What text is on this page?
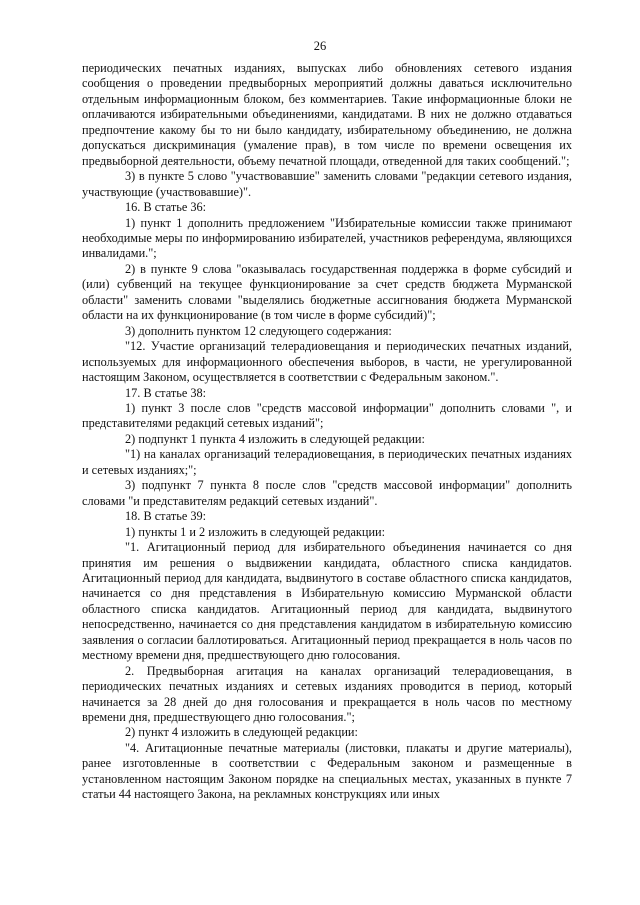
26

периодических печатных изданиях, выпусках либо обновлениях сетевого издания сообщения о проведении предвыборных мероприятий должны даваться исключительно отдельным информационным блоком, без комментариев. Такие информационные блоки не оплачиваются избирательными объединениями, кандидатами. В них не должно отдаваться предпочтение какому бы то ни было кандидату, избирательному объединению, не должна допускаться дискриминация (умаление прав), в том числе по времени освещения их предвыборной деятельности, объему печатной площади, отведенной для таких сообщений.";

3) в пункте 5 слово "участвовавшие" заменить словами "редакции сетевого издания, участвующие (участвовавшие)".

16. В статье 36:

1) пункт 1 дополнить предложением "Избирательные комиссии также принимают необходимые меры по информированию избирателей, участников референдума, являющихся инвалидами.";

2) в пункте 9 слова "оказывалась государственная поддержка в форме субсидий и (или) субвенций на текущее функционирование за счет средств бюджета Мурманской области" заменить словами "выделялись бюджетные ассигнования бюджета Мурманской области на их функционирование (в том числе в форме субсидий)";

3) дополнить пунктом 12 следующего содержания:

"12. Участие организаций телерадиовещания и периодических печатных изданий, используемых для информационного обеспечения выборов, в части, не урегулированной настоящим Законом, осуществляется в соответствии с Федеральным законом.".

17. В статье 38:

1) пункт 3 после слов "средств массовой информации" дополнить словами ", и представителями редакций сетевых изданий";

2) подпункт 1 пункта 4 изложить в следующей редакции:

"1) на каналах организаций телерадиовещания, в периодических печатных изданиях и сетевых изданиях;";

3) подпункт 7 пункта 8 после слов "средств массовой информации" дополнить словами "и представителям редакций сетевых изданий".

18. В статье 39:

1) пункты 1 и 2 изложить в следующей редакции:

"1. Агитационный период для избирательного объединения начинается со дня принятия им решения о выдвижении кандидата, областного списка кандидатов. Агитационный период для кандидата, выдвинутого в составе областного списка кандидатов, начинается со дня представления в Избирательную комиссию Мурманской области областного списка кандидатов. Агитационный период для кандидата, выдвинутого непосредственно, начинается со дня представления кандидатом в избирательную комиссию заявления о согласии баллотироваться. Агитационный период прекращается в ноль часов по местному времени дня, предшествующего дню голосования.

2. Предвыборная агитация на каналах организаций телерадиовещания, в периодических печатных изданиях и сетевых изданиях проводится в период, который начинается за 28 дней до дня голосования и прекращается в ноль часов по местному времени дня, предшествующего дню голосования.";

2) пункт 4 изложить в следующей редакции:

"4. Агитационные печатные материалы (листовки, плакаты и другие материалы), ранее изготовленные в соответствии с Федеральным законом и размещенные в установленном настоящим Законом порядке на специальных местах, указанных в пункте 7 статьи 44 настоящего Закона, на рекламных конструкциях или иных
